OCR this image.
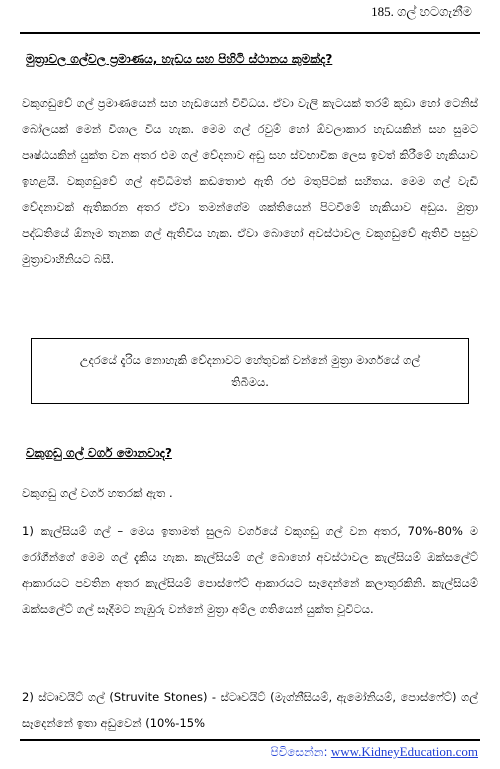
185. ගල් හටගැනීම
මුත්‍රාවල ගල්වල ප්‍රමාණය, හැඩය සහ පිහිටි ස්ථානය කුමක්ද?

වකුගඩුවේ ගල් ප්‍රමාණයෙන් සහ හැඩයෙන් විවිධය. ඒවා වැලි කැටයක් තරම් කුඩා හෝ ටෙනිස් බෝලයක් මෙන් විශාල විය හැක. මෙම ගල් රවුම් හෝ ඕවලාකාර හැඩයකින් සහ සුමට පෘෂ්ඨයකින් යුක්ත වන අතර එම ගල් වේදනාව අඩු සහ ස්වභාවික ලෙස ඉවත් කිරීමේ හැකියාව ඉහළයි. වකුගඩුවේ ගල් අවිධිමත් කඩතොළු ඇති රළු මතුපිටක් සහිතය. මෙම ගල් වැඩි වේදනාවක් ඇතිකරන අතර ඒවා තමන්ගේම ශක්තියෙන් පිටවීමේ හැකියාව අඩුය. මුත්‍රා පද්ධතියේ ඕනෑම තැනක ගල් ඇතිවිය හැක. ඒවා බොහෝ අවස්ථාවල වකුගඩුවේ ඇතිවී පසුව මුත්‍රාවාහිනියට බසී.

උදරයේ දැරිය නොහැකි වේදනාවට හේතුවක් වන්නේ මුත්‍රා මාර්ගයේ ගල් තිබීමය.
වකුගඩු ගල් වර්ග මොනවාද?

වකුගඩු ගල් වර්ග හතරක් ඇත .

1) කැල්සියම් ගල් – මෙය ඉතාමත් සුලබ වර්ගයේ වකුගඩු ගල් වන අතර, 70%-80% ම රෝගීන්ගේ මෙම ගල් දැකිය හැක. කැල්සියම් ගල් බොහෝ අවස්ථාවල කැල්සියම් ඔක්සලේට් ආකාරයට පවතින අතර කැල්සියම් පොස්ෆේට් ආකාරයට සෑදෙන්නේ කලාතුරකිනි. කැල්සියම් ඔක්සලේට් ගල් සෑදීමට නැඹුරු වන්නේ මුත්‍රා අම්ල ගතියෙන් යුක්ත වූවිටය.

2) ස්ට්‍රුවයිට් ගල් (Struvite Stones) - ස්ට්‍රුවයිට් (මැග්නීසියම්, ඇමෝනියම්, පොස්ෆේට්) ගල් සෑදෙන්නේ ඉතා අඩුවෙන් (10%-15%

පිවිසෙන්න: www.KidneyEducation.com
